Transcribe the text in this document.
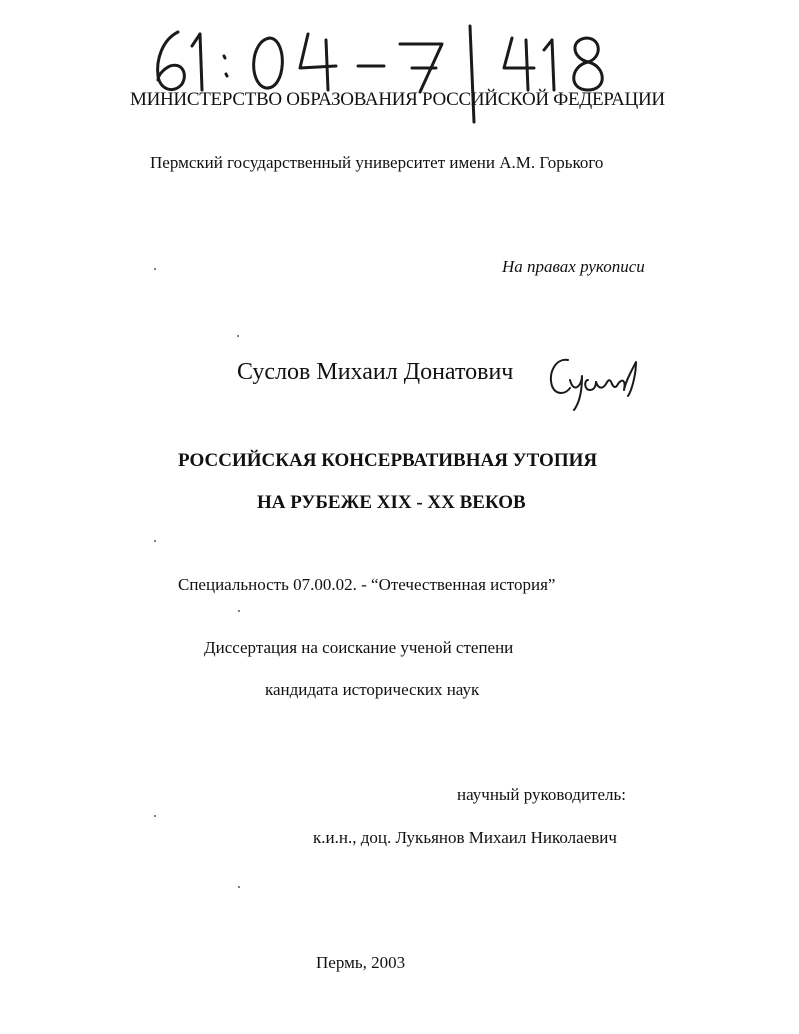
МИНИСТЕРСТВО ОБРАЗОВАНИЯ РОССИЙСКОЙ ФЕДЕРАЦИИ
Пермский государственный университет имени А.М. Горького
На правах рукописи
Суслов Михаил Донатович
РОССИЙСКАЯ КОНСЕРВАТИВНАЯ УТОПИЯ
НА РУБЕЖЕ XIX - XX ВЕКОВ
Специальность 07.00.02. - “Отечественная история”
Диссертация на соискание ученой степени
кандидата исторических наук
научный руководитель:
к.и.н., доц. Лукьянов Михаил Николаевич
Пермь, 2003
